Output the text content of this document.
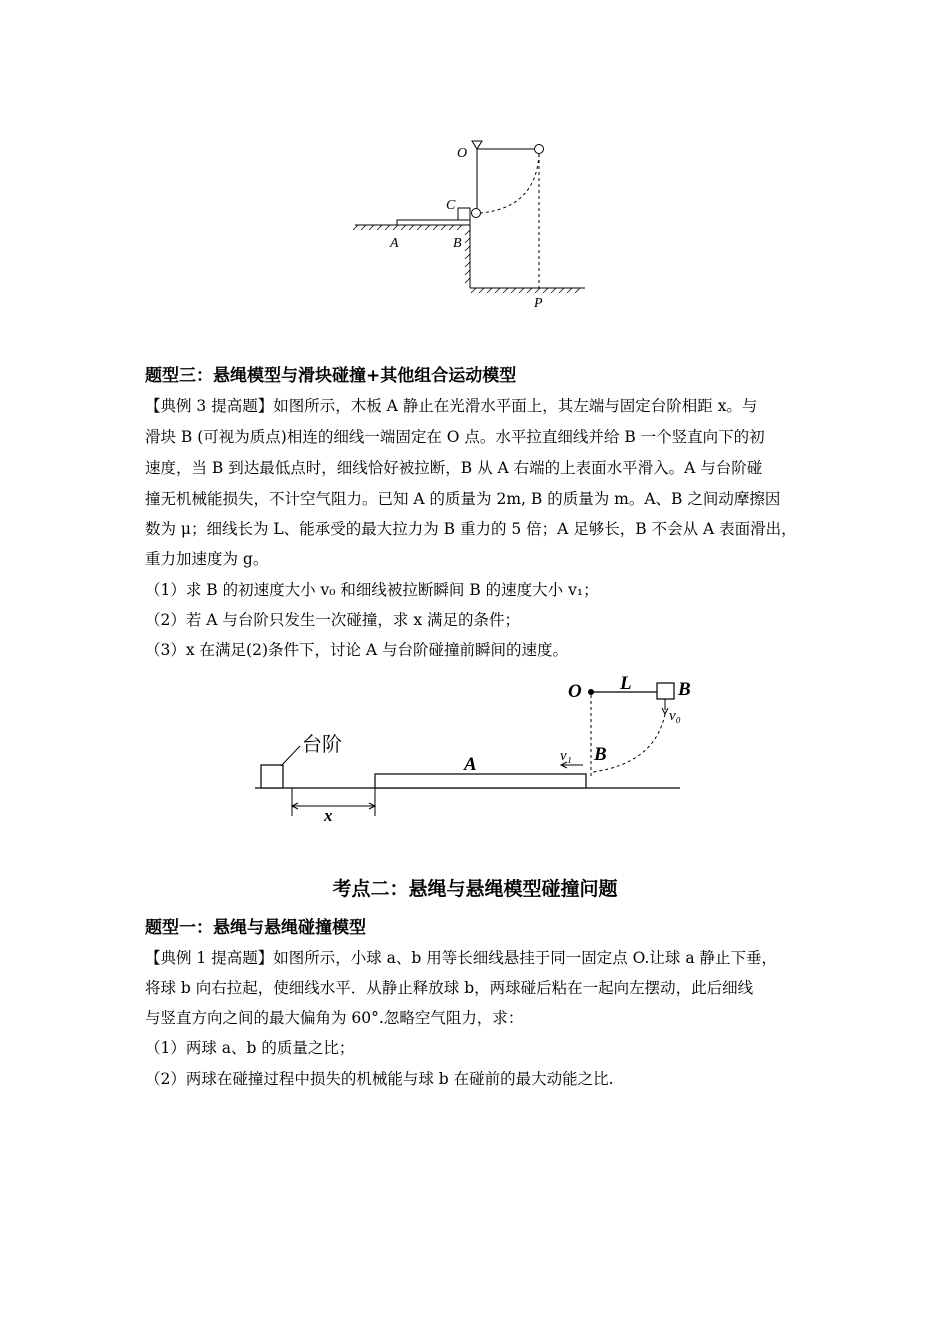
O
C
A	B
P
题型三：悬绳模型与滑块碰撞+其他组合运动模型
【典例 3 提高题】如图所示，木板 A 静止在光滑水平面上，其左端与固定台阶相距 x。与
滑块 B (可视为质点)相连的细线一端固定在 O 点。水平拉直细线并给 B 一个竖直向下的初
速度，当 B 到达最低点时，细线恰好被拉断，B 从 A 右端的上表面水平滑入。A 与台阶碰
撞无机械能损失，不计空气阻力。已知 A 的质量为 2m, B 的质量为 m。A、B 之间动摩擦因
数为 μ；细线长为 L、能承受的最大拉力为 B 重力的 5 倍；A 足够长，B 不会从 A 表面滑出，
重力加速度为 g。
（1）求 B 的初速度大小 v₀ 和细线被拉断瞬间 B 的速度大小 v₁；
（2）若 A 与台阶只发生一次碰撞，求 x 满足的条件；
（3）x 在满足(2)条件下，讨论 A 与台阶碰撞前瞬间的速度。
O L B
v₀
台阶
A	v₁ B
x
考点二：悬绳与悬绳模型碰撞问题
题型一：悬绳与悬绳碰撞模型
【典例 1 提高题】如图所示，小球 a、b 用等长细线悬挂于同一固定点 O.让球 a 静止下垂，
将球 b 向右拉起，使细线水平．从静止释放球 b，两球碰后粘在一起向左摆动，此后细线
与竖直方向之间的最大偏角为 60°.忽略空气阻力，求：
（1）两球 a、b 的质量之比；
（2）两球在碰撞过程中损失的机械能与球 b 在碰前的最大动能之比.
